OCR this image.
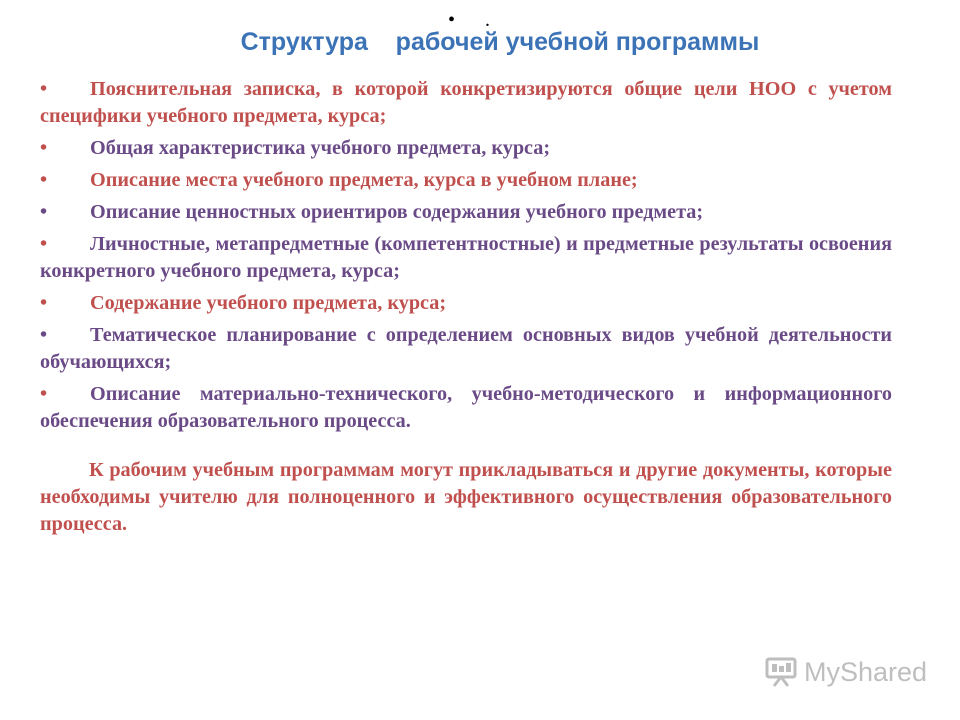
•      .
Структура    рабочей учебной программы
• Пояснительная записка, в которой конкретизируются общие цели НОО с учетом специфики учебного предмета, курса;
• Общая характеристика учебного предмета, курса;
• Описание места учебного предмета, курса в учебном плане;
• Описание ценностных ориентиров содержания учебного предмета;
• Личностные, метапредметные (компетентностные) и предметные результаты освоения конкретного учебного предмета, курса;
• Содержание учебного предмета, курса;
• Тематическое планирование с определением основных видов учебной деятельности обучающихся;
• Описание материально-технического, учебно-методического и информационного обеспечения образовательного процесса.
К рабочим учебным программам могут прикладываться и другие документы, которые необходимы учителю для полноценного и эффективного осуществления образовательного процесса.
MyShared
